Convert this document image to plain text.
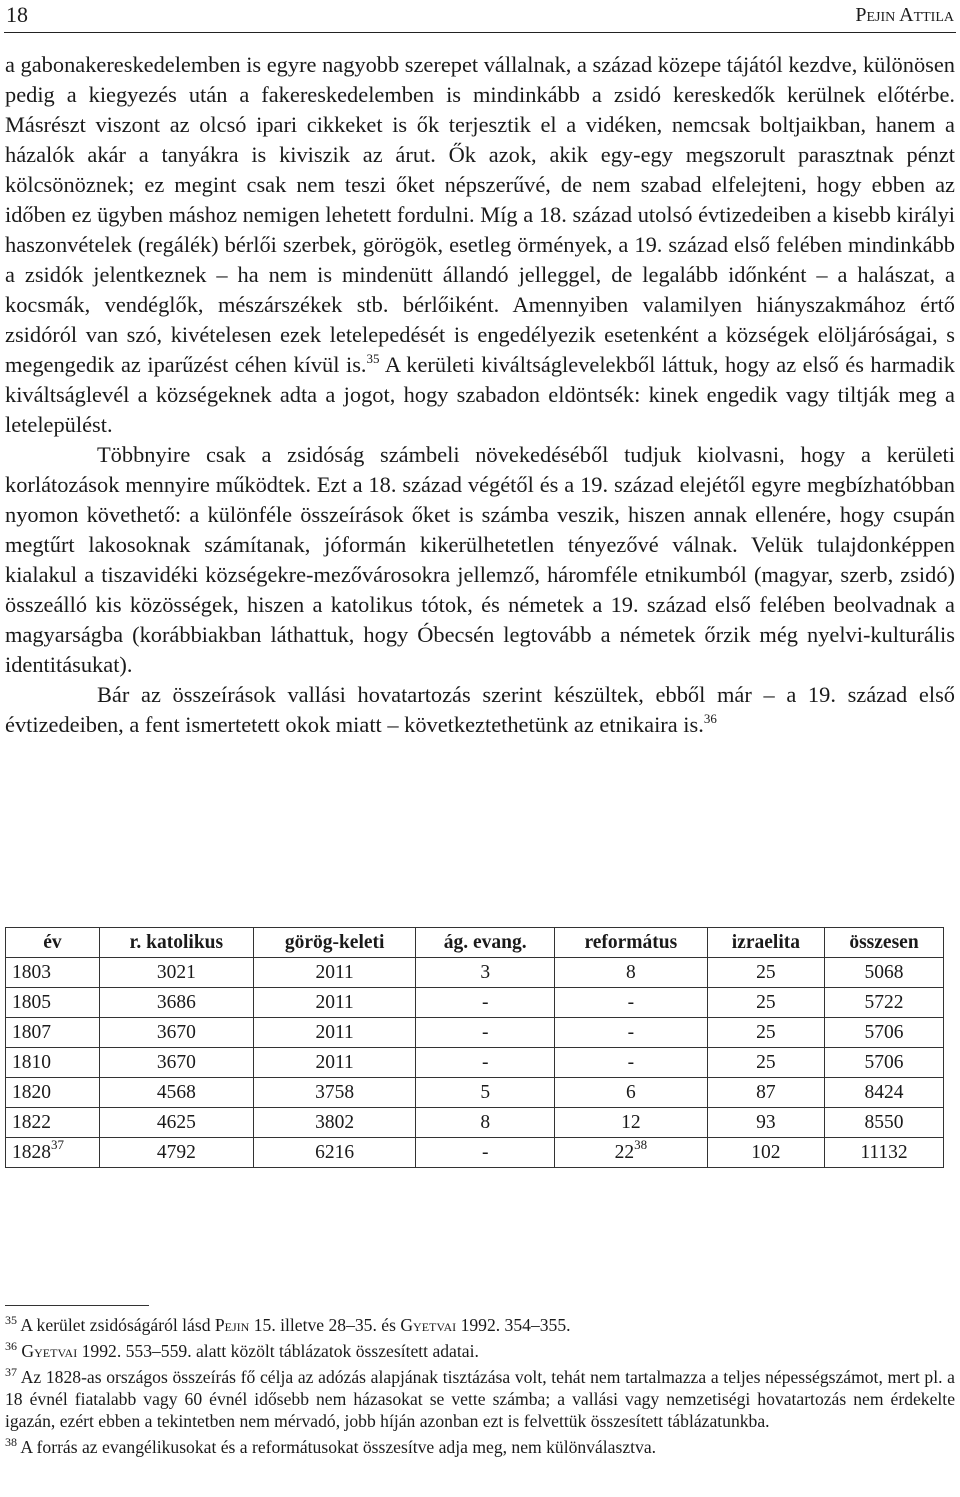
18	Pejin Attila

a gabonakereskedelemben is egyre nagyobb szerepet vállalnak, a század közepe tájától kezdve, különösen pedig a kiegyezés után a fakereskedelemben is mindinkább a zsidó kereskedők kerülnek előtérbe. Másrészt viszont az olcsó ipari cikkeket is ők terjesztik el a vidéken, nemcsak boltjaikban, hanem a házalók akár a tanyákra is kiviszik az árut. Ők azok, akik egy-egy megszorult parasztnak pénzt kölcsönöznek; ez megint csak nem teszi őket népszerűvé, de nem szabad elfelejteni, hogy ebben az időben ez ügyben máshoz nemigen lehetett fordulni. Míg a 18. század utolsó évtizedeiben a kisebb királyi haszonvételek (regálék) bérlői szerbek, görögök, esetleg örmények, a 19. század első felében mindinkább a zsidók jelentkeznek – ha nem is mindenütt állandó jelleggel, de legalább időnként – a halászat, a kocsmák, vendéglők, mészárszékek stb. bérlőiként. Amennyiben valamilyen hiányszakmához értő zsidóról van szó, kivételesen ezek letelepedését is engedélyezik esetenként a községek elöljáróságai, s megengedik az iparűzést céhen kívül is.$^{35}$ A kerületi kiváltságlevelekből láttuk, hogy az első és harmadik kiváltságlevél a községeknek adta a jogot, hogy szabadon eldöntsék: kinek engedik vagy tiltják meg a letelepülést.

Többnyire csak a zsidóság számbeli növekedéséből tudjuk kiolvasni, hogy a kerületi korlátozások mennyire működtek. Ezt a 18. század végétől és a 19. század elejétől egyre megbízhatóbban nyomon követhető: a különféle összeírások őket is számba veszik, hiszen annak ellenére, hogy csupán megtűrt lakosoknak számítanak, jóformán kikerülhetetlen tényezővé válnak. Velük tulajdonképpen kialakul a tiszavidéki községekre-mezővárosokra jellemző, háromféle etnikumból (magyar, szerb, zsidó) összeálló kis közösségek, hiszen a katolikus tótok, és németek a 19. század első felében beolvadnak a magyarságba (korábbiakban láthattuk, hogy Óbecsén legtovább a németek őrzik még nyelvi-kulturális identitásukat).

Bár az összeírások vallási hovatartozás szerint készültek, ebből már – a 19. század első évtizedeiben, a fent ismertetett okok miatt – következtethetünk az etnikaira is.$^{36}$

év	r. katolikus	görög-keleti	ág. evang.	református	izraelita	összesen
1803	3021	2011	3	8	25	5068
1805	3686	2011	-	-	25	5722
1807	3670	2011	-	-	25	5706
1810	3670	2011	-	-	25	5706
1820	4568	3758	5	6	87	8424
1822	4625	3802	8	12	93	8550
1828$^{37}$	4792	6216	-	$22^{38}$	102	11132

$^{35}$ A kerület zsidóságáról lásd Pejin 15. illetve 28–35. és Gyetvai 1992. 354–355.

$^{36}$ Gyetvai 1992. 553–559. alatt közölt táblázatok összesített adatai.

$^{37}$ Az 1828-as országos összeírás fő célja az adózás alapjának tisztázása volt, tehát nem tartalmazza a teljes népességszámot, mert pl. a 18 évnél fiatalabb vagy 60 évnél idősebb nem házasokat se vette számba; a vallási vagy nemzetiségi hovatartozás nem érdekelte igazán, ezért ebben a tekintetben nem mérvadó, jobb híján azonban ezt is felvettük összesített táblázatunkba.

$^{38}$ A forrás az evangélikusokat és a reformátusokat összesítve adja meg, nem különválasztva.
